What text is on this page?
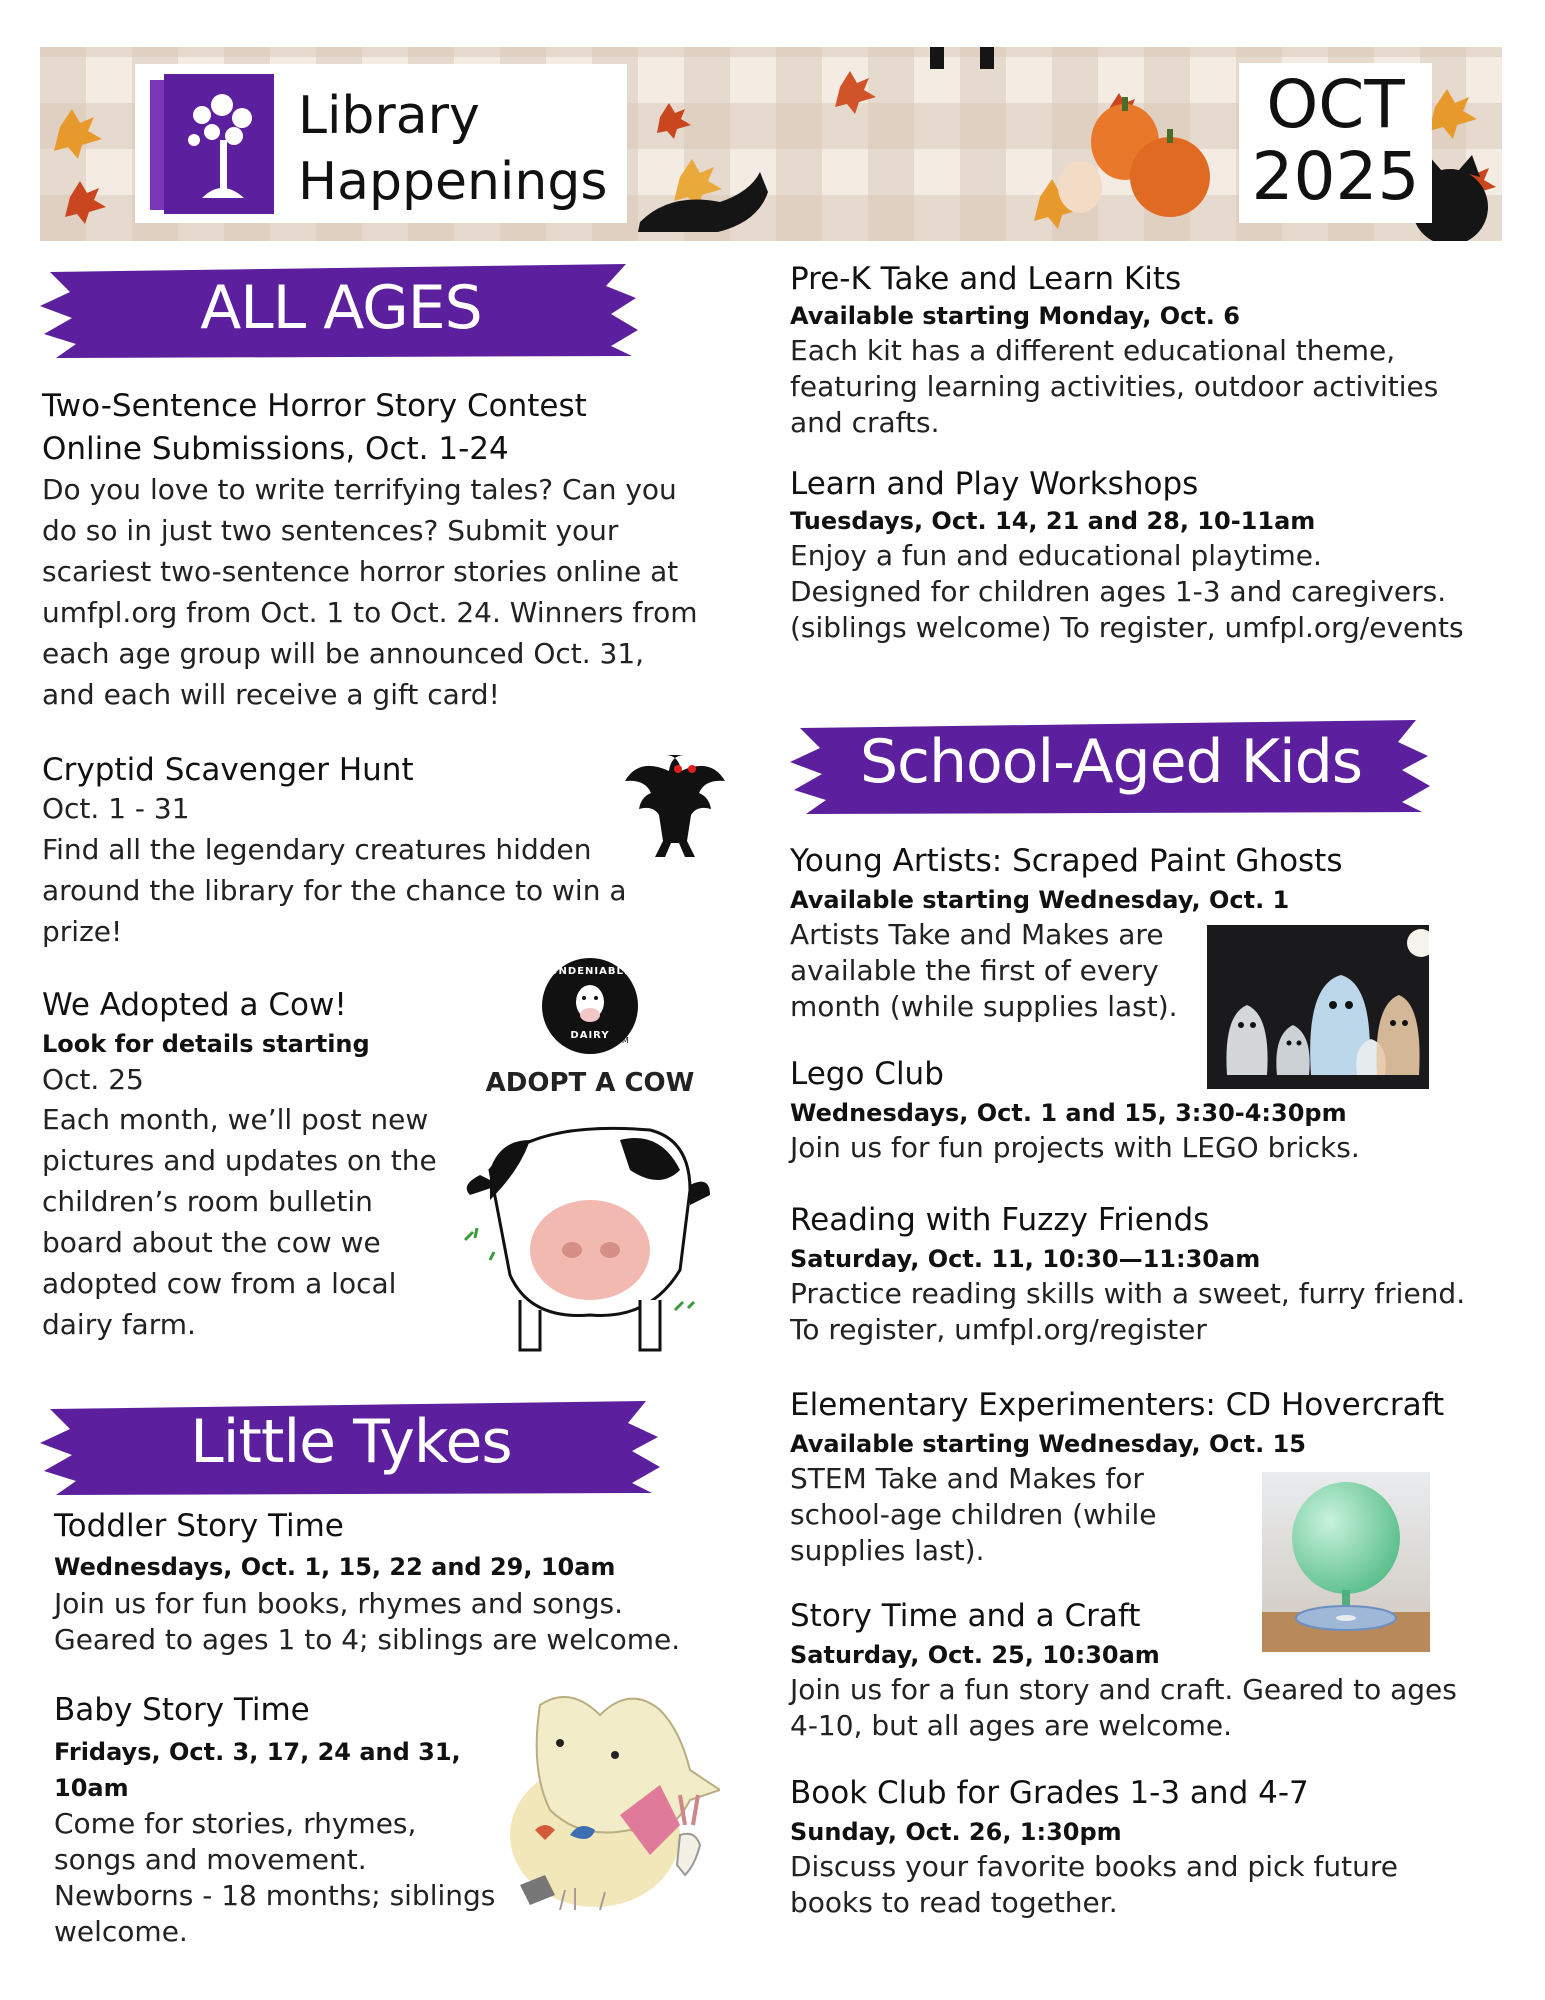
Library
Happenings
OCT
2025
ALL AGES
Two-Sentence Horror Story Contest
Online Submissions, Oct. 1-24
Do you love to write terrifying tales? Can you
do so in just two sentences? Submit your
scariest two-sentence horror stories online at
umfpl.org from Oct. 1 to Oct. 24. Winners from
each age group will be announced Oct. 31,
and each will receive a gift card!
Cryptid Scavenger Hunt
Oct. 1 - 31
Find all the legendary creatures hidden
around the library for the chance to win a
prize!
We Adopted a Cow!
Look for details starting
Oct. 25
Each month, we’ll post new
pictures and updates on the
children’s room bulletin
board about the cow we
adopted cow from a local
dairy farm.
UNDENIABLY
DAIRY TM
ADOPT A COW
Little Tykes
Toddler Story Time
Wednesdays, Oct. 1, 15, 22 and 29, 10am
Join us for fun books, rhymes and songs.
Geared to ages 1 to 4; siblings are welcome.
Baby Story Time
Fridays, Oct. 3, 17, 24 and 31,
10am
Come for stories, rhymes,
songs and movement.
Newborns - 18 months; siblings
welcome.
Pre-K Take and Learn Kits
Available starting Monday, Oct. 6
Each kit has a different educational theme,
featuring learning activities, outdoor activities
and crafts.
Learn and Play Workshops
Tuesdays, Oct. 14, 21 and 28, 10-11am
Enjoy a fun and educational playtime.
Designed for children ages 1-3 and caregivers.
(siblings welcome) To register, umfpl.org/events
School-Aged Kids
Young Artists: Scraped Paint Ghosts
Available starting Wednesday, Oct. 1
Artists Take and Makes are
available the first of every
month (while supplies last).
Lego Club
Wednesdays, Oct. 1 and 15, 3:30-4:30pm
Join us for fun projects with LEGO bricks.
Reading with Fuzzy Friends
Saturday, Oct. 11, 10:30—11:30am
Practice reading skills with a sweet, furry friend.
To register, umfpl.org/register
Elementary Experimenters: CD Hovercraft
Available starting Wednesday, Oct. 15
STEM Take and Makes for
school-age children (while
supplies last).
Story Time and a Craft
Saturday, Oct. 25, 10:30am
Join us for a fun story and craft. Geared to ages
4-10, but all ages are welcome.
Book Club for Grades 1-3 and 4-7
Sunday, Oct. 26, 1:30pm
Discuss your favorite books and pick future
books to read together.
